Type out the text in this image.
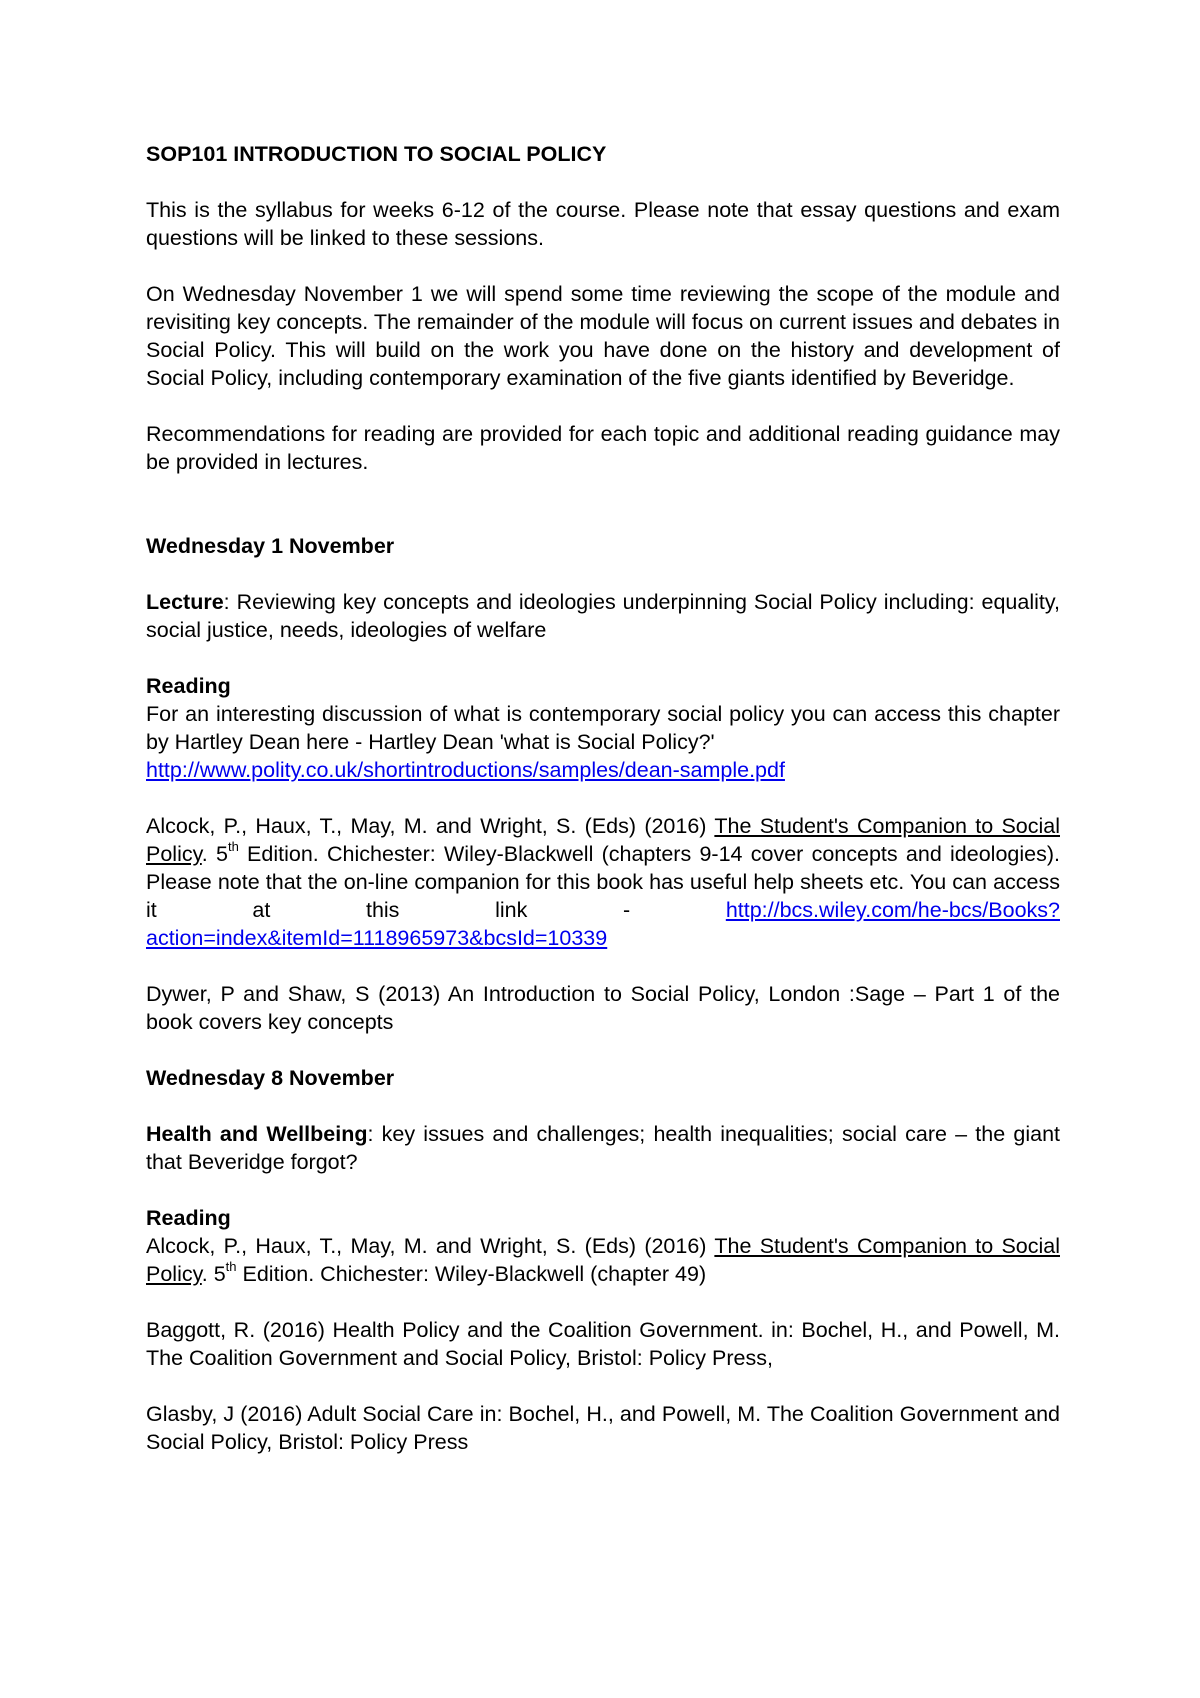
SOP101 INTRODUCTION TO SOCIAL POLICY

This is the syllabus for weeks 6-12 of the course. Please note that essay questions and exam questions will be linked to these sessions.

On Wednesday November 1 we will spend some time reviewing the scope of the module and revisiting key concepts. The remainder of the module will focus on current issues and debates in Social Policy. This will build on the work you have done on the history and development of Social Policy, including contemporary examination of the five giants identified by Beveridge.

Recommendations for reading are provided for each topic and additional reading guidance may be provided in lectures.

Wednesday 1 November

Lecture: Reviewing key concepts and ideologies underpinning Social Policy including: equality, social justice, needs, ideologies of welfare

Reading

For an interesting discussion of what is contemporary social policy you can access this chapter by Hartley Dean here - Hartley Dean 'what is Social Policy?'

http://www.polity.co.uk/shortintroductions/samples/dean-sample.pdf

Alcock, P., Haux, T., May, M. and Wright, S. (Eds) (2016) The Student's Companion to Social Policy. 5th Edition. Chichester: Wiley-Blackwell (chapters 9-14 cover concepts and ideologies). Please note that the on-line companion for this book has useful help sheets etc. You can access it at this link - http://bcs.wiley.com/he-bcs/Books?action=index&itemId=1118965973&bcsId=10339

Dywer, P and Shaw, S (2013) An Introduction to Social Policy, London :Sage – Part 1 of the book covers key concepts

Wednesday 8 November

Health and Wellbeing: key issues and challenges; health inequalities; social care – the giant that Beveridge forgot?

Reading

Alcock, P., Haux, T., May, M. and Wright, S. (Eds) (2016) The Student's Companion to Social Policy. 5th Edition. Chichester: Wiley-Blackwell (chapter 49)

Baggott, R. (2016) Health Policy and the Coalition Government. in: Bochel, H., and Powell, M. The Coalition Government and Social Policy, Bristol: Policy Press,

Glasby, J (2016) Adult Social Care in: Bochel, H., and Powell, M. The Coalition Government and Social Policy, Bristol: Policy Press
